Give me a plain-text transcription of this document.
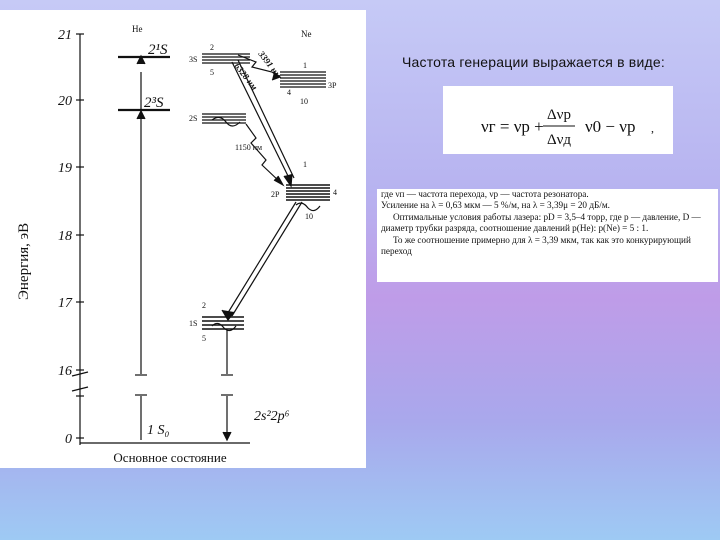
Энергия, эВ
21
20
19
18
17
16
0
Не	Ne
2¹S
2³S
3S
2S
2P
1S
2
5
1
4
10
1
4
10
2
5
3P
3391 нм
6328 нм
1150 нм
1 S₀
2s²2p⁶
Основное состояние
Частота генерации выражается в виде:
νг = νр +
Δνр
Δνд
ν0 − νр ,

где νп — частота перехода, νр — частота резонатора.

Усиление на λ = 0,63 мкм — 5 %/м, на λ = 3,39μ = 20 дБ/м.

Оптимальные условия работы лазера: pD = 3,5–4 торр, где p — давление, D — диаметр трубки разряда, соотношение давлений p(Не): p(Ne) = 5 : 1.

То же соотношение примерно для λ = 3,39 мкм, так как это конкурирующий переход
